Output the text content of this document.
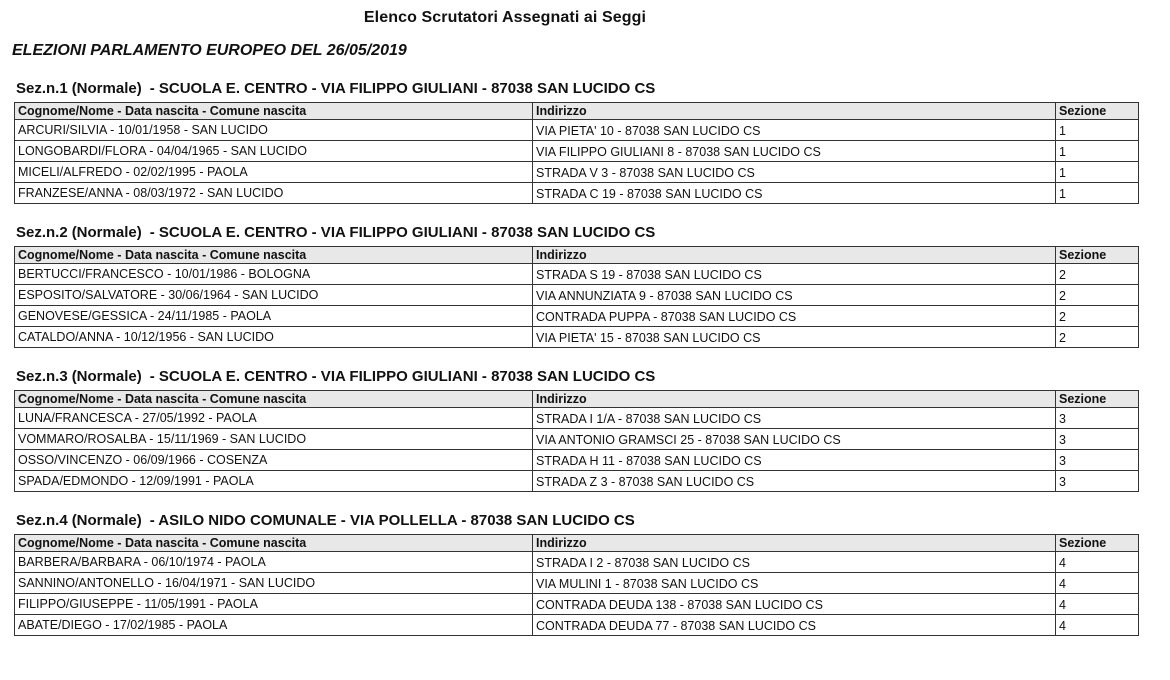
Elenco Scrutatori Assegnati ai Seggi
ELEZIONI PARLAMENTO EUROPEO DEL 26/05/2019
Sez.n.1 (Normale) - SCUOLA E. CENTRO - VIA FILIPPO GIULIANI - 87038 SAN LUCIDO CS
Cognome/Nome - Data nascita - Comune nascita	Indirizzo	Sezione
ARCURI/SILVIA - 10/01/1958 - SAN LUCIDO	VIA PIETA' 10 - 87038 SAN LUCIDO CS	1
LONGOBARDI/FLORA - 04/04/1965 - SAN LUCIDO	VIA FILIPPO GIULIANI 8 - 87038 SAN LUCIDO CS	1
MICELI/ALFREDO - 02/02/1995 - PAOLA	STRADA V 3 - 87038 SAN LUCIDO CS	1
FRANZESE/ANNA - 08/03/1972 - SAN LUCIDO	STRADA C 19 - 87038 SAN LUCIDO CS	1
Sez.n.2 (Normale) - SCUOLA E. CENTRO - VIA FILIPPO GIULIANI - 87038 SAN LUCIDO CS
Cognome/Nome - Data nascita - Comune nascita	Indirizzo	Sezione
BERTUCCI/FRANCESCO - 10/01/1986 - BOLOGNA	STRADA S 19 - 87038 SAN LUCIDO CS	2
ESPOSITO/SALVATORE - 30/06/1964 - SAN LUCIDO	VIA ANNUNZIATA 9 - 87038 SAN LUCIDO CS	2
GENOVESE/GESSICA - 24/11/1985 - PAOLA	CONTRADA PUPPA - 87038 SAN LUCIDO CS	2
CATALDO/ANNA - 10/12/1956 - SAN LUCIDO	VIA PIETA' 15 - 87038 SAN LUCIDO CS	2
Sez.n.3 (Normale) - SCUOLA E. CENTRO - VIA FILIPPO GIULIANI - 87038 SAN LUCIDO CS
Cognome/Nome - Data nascita - Comune nascita	Indirizzo	Sezione
LUNA/FRANCESCA - 27/05/1992 - PAOLA	STRADA I 1/A - 87038 SAN LUCIDO CS	3
VOMMARO/ROSALBA - 15/11/1969 - SAN LUCIDO	VIA ANTONIO GRAMSCI 25 - 87038 SAN LUCIDO CS	3
OSSO/VINCENZO - 06/09/1966 - COSENZA	STRADA H 11 - 87038 SAN LUCIDO CS	3
SPADA/EDMONDO - 12/09/1991 - PAOLA	STRADA Z 3 - 87038 SAN LUCIDO CS	3
Sez.n.4 (Normale) - ASILO NIDO COMUNALE - VIA POLLELLA - 87038 SAN LUCIDO CS
Cognome/Nome - Data nascita - Comune nascita	Indirizzo	Sezione
BARBERA/BARBARA - 06/10/1974 - PAOLA	STRADA I 2 - 87038 SAN LUCIDO CS	4
SANNINO/ANTONELLO - 16/04/1971 - SAN LUCIDO	VIA MULINI 1 - 87038 SAN LUCIDO CS	4
FILIPPO/GIUSEPPE - 11/05/1991 - PAOLA	CONTRADA DEUDA 138 - 87038 SAN LUCIDO CS	4
ABATE/DIEGO - 17/02/1985 - PAOLA	CONTRADA DEUDA 77 - 87038 SAN LUCIDO CS	4
